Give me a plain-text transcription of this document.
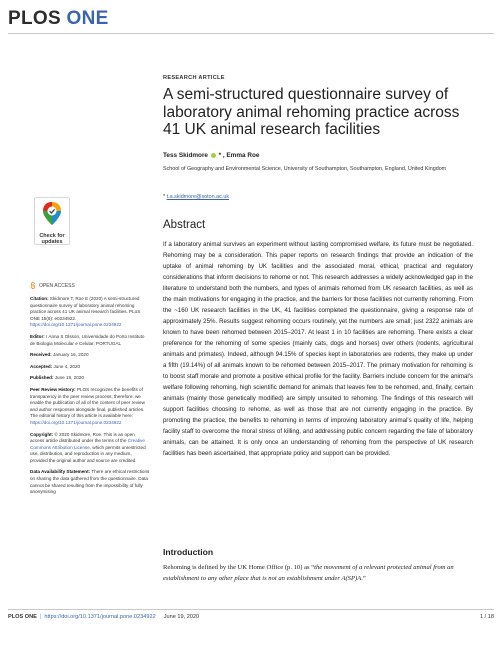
PLOS ONE
RESEARCH ARTICLE
A semi-structured questionnaire survey of laboratory animal rehoming practice across 41 UK animal research facilities
Tess Skidmore * , Emma Roe
School of Geography and Environmental Science, University of Southampton, Southampton, England, United Kingdom
* t.a.skidmore@soton.ac.uk
Check for
updates
OPEN ACCESS

Citation: Skidmore T, Roe E (2020) A semi-structured questionnaire survey of laboratory animal rehoming practice across 41 UK animal research facilities. PLoS ONE 15(6): e0234922. https://doi.org/10.1371/journal.pone.0234922

Editor: I Anna S Olsson, Universidade do Porto Instituto de Biologia Molecular e Celular, PORTUGAL

Received: January 16, 2020

Accepted: June 4, 2020

Published: June 19, 2020

Peer Review History: PLOS recognizes the benefits of transparency in the peer review process; therefore, we enable the publication of all of the content of peer review and author responses alongside final, published articles. The editorial history of this article is available here: https://doi.org/10.1371/journal.pone.0234922

Copyright: © 2020 Skidmore, Roe. This is an open access article distributed under the terms of the Creative Commons Attribution License, which permits unrestricted use, distribution, and reproduction in any medium, provided the original author and source are credited.

Data Availability Statement: There are ethical restrictions on sharing the data gathered from the questionnaire. Data cannot be shared resulting from the impossibility of fully anonymising

Abstract
If a laboratory animal survives an experiment without lasting compromised welfare, its future must be negotiated. Rehoming may be a consideration. This paper reports on research findings that provide an indication of the uptake of animal rehoming by UK facilities and the associated moral, ethical, practical and regulatory considerations that inform decisions to rehome or not. This research addresses a widely acknowledged gap in the literature to understand both the numbers, and types of animals rehomed from UK research facilities, as well as the main motivations for engaging in the practice, and the barriers for those facilities not currently rehoming. From the ~160 UK research facilities in the UK, 41 facilities completed the questionnaire, giving a response rate of approximately 25%. Results suggest rehoming occurs routinely, yet the numbers are small; just 2322 animals are known to have been rehomed between 2015–2017. At least 1 in 10 facilities are rehoming. There exists a clear preference for the rehoming of some species (mainly cats, dogs and horses) over others (rodents, agricultural animals and primates). Indeed, although 94.15% of species kept in laboratories are rodents, they make up under a fifth (19.14%) of all animals known to be rehomed between 2015–2017. The primary motivation for rehoming is to boost staff morale and promote a positive ethical profile for the facility. Barriers include concern for the animal's welfare following rehoming, high scientific demand for animals that leaves few to be rehomed, and, finally, certain animals (mainly those genetically modified) are simply unsuited to rehoming. The findings of this research will support facilities choosing to rehome, as well as those that are not currently engaging in the practice. By promoting the practice, the benefits to rehoming in terms of improving laboratory animal's quality of life, helping facility staff to overcome the moral stress of killing, and addressing public concern regarding the fate of laboratory animals, can be attained. It is only once an understanding of rehoming from the perspective of UK research facilities has been ascertained, that appropriate policy and support can be provided.
Introduction
Rehoming is defined by the UK Home Office (p. 10) as “the movement of a relevant protected animal from an establishment to any other place that is not an establishment under A(SP)A.”
PLOS ONE | https://doi.org/10.1371/journal.pone.0234922 June 19, 2020	1 / 18
